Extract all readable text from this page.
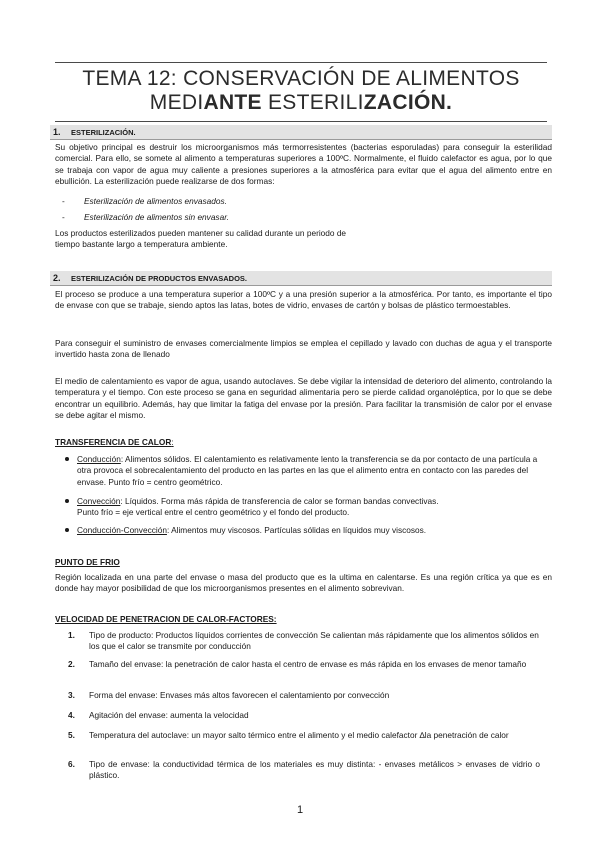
TEMA 12: CONSERVACIÓN DE ALIMENTOS
MEDIANTE ESTERILIZACIÓN.
1. ESTERILIZACIÓN.
Su objetivo principal es destruir los microorganismos más termorresistentes (bacterias esporuladas) para conseguir la esterilidad comercial. Para ello, se somete al alimento a temperaturas superiores a 100ºC. Normalmente, el fluido calefactor es agua, por lo que se trabaja con vapor de agua muy caliente a presiones superiores a la atmosférica para evitar que el agua del alimento entre en ebullición. La esterilización puede realizarse de dos formas:
- Esterilización de alimentos envasados.
- Esterilización de alimentos sin envasar.
Los productos esterilizados pueden mantener su calidad durante un periodo de
tiempo bastante largo a temperatura ambiente.
2. ESTERILIZACIÓN DE PRODUCTOS ENVASADOS.
El proceso se produce a una temperatura superior a 100ºC y a una presión superior a la atmosférica. Por tanto, es importante el tipo de envase con que se trabaje, siendo aptos las latas, botes de vidrio, envases de cartón y bolsas de plástico termoestables.
Para conseguir el suministro de envases comercialmente limpios se emplea el cepillado y lavado con duchas de agua y el transporte invertido hasta zona de llenado
El medio de calentamiento es vapor de agua, usando autoclaves. Se debe vigilar la intensidad de deterioro del alimento, controlando la temperatura y el tiempo. Con este proceso se gana en seguridad alimentaria pero se pierde calidad organoléptica, por lo que se debe encontrar un equilibrio. Además, hay que limitar la fatiga del envase por la presión. Para facilitar la transmisión de calor por el envase se debe agitar el mismo.
TRANSFERENCIA DE CALOR:
Conducción: Alimentos sólidos. El calentamiento es relativamente lento la transferencia se da por contacto de una partícula a otra provoca el sobrecalentamiento del producto en las partes en las que el alimento entra en contacto con las paredes del envase. Punto frío = centro geométrico.
Convección: Líquidos. Forma más rápida de transferencia de calor se forman bandas convectivas.
Punto frío = eje vertical entre el centro geométrico y el fondo del producto.
Conducción-Convección: Alimentos muy viscosos. Partículas sólidas en líquidos muy viscosos.
PUNTO DE FRIO
Región localizada en una parte del envase o masa del producto que es la ultima en calentarse. Es una región crítica ya que es en donde hay mayor posibilidad de que los microorganismos presentes en el alimento sobrevivan.
VELOCIDAD DE PENETRACION DE CALOR-FACTORES:
1. Tipo de producto: Productos líquidos corrientes de convección Se calientan más rápidamente que los alimentos sólidos en los que el calor se transmite por conducción
2. Tamaño del envase: la penetración de calor hasta el centro de envase es más rápida en los envases de menor tamaño
3. Forma del envase: Envases más altos favorecen el calentamiento por convección
4. Agitación del envase: aumenta la velocidad
5. Temperatura del autoclave: un mayor salto térmico entre el alimento y el medio calefactor ∆la penetración de calor
6. Tipo de envase: la conductividad térmica de los materiales es muy distinta: - envases metálicos > envases de vidrio o plástico.
1
